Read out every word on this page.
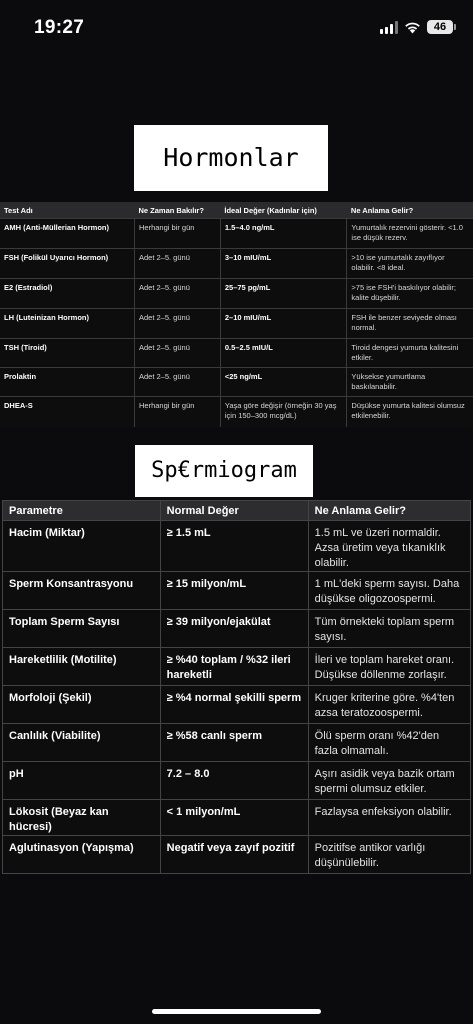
19:27	46
Hormonlar
Test Adı	Ne Zaman Bakılır?	İdeal Değer (Kadınlar için)	Ne Anlama Gelir?
AMH (Anti-Müllerian Hormon)	Herhangi bir gün	1.5–4.0 ng/mL	Yumurtalık rezervini gösterir. <1.0 ise düşük rezerv.
FSH (Folikül Uyarıcı Hormon)	Adet 2–5. günü	3–10 mIU/mL	>10 ise yumurtalık zayıflıyor olabilir. <8 ideal.
E2 (Estradiol)	Adet 2–5. günü	25–75 pg/mL	>75 ise FSH'i baskılıyor olabilir; kalite düşebilir.
LH (Luteinizan Hormon)	Adet 2–5. günü	2–10 mIU/mL	FSH ile benzer seviyede olması normal.
TSH (Tiroid)	Adet 2–5. günü	0.5–2.5 mIU/L	Tiroid dengesi yumurta kalitesini etkiler.
Prolaktin	Adet 2–5. günü	<25 ng/mL	Yüksekse yumurtlama baskılanabilir.
DHEA-S	Herhangi bir gün	Yaşa göre değişir (örneğin 30 yaş için 150–300 mcg/dL)	Düşükse yumurta kalitesi olumsuz etkilenebilir.
Sp€rmiogram
Parametre	Normal Değer	Ne Anlama Gelir?
Hacim (Miktar)	≥ 1.5 mL	1.5 mL ve üzeri normaldir. Azsa üretim veya tıkanıklık olabilir.
Sperm Konsantrasyonu	≥ 15 milyon/mL	1 mL'deki sperm sayısı. Daha düşükse oligozoospermi.
Toplam Sperm Sayısı	≥ 39 milyon/ejakülat	Tüm örnekteki toplam sperm sayısı.
Hareketlilik (Motilite)	≥ %40 toplam / %32 ileri hareketli	İleri ve toplam hareket oranı. Düşükse döllenme zorlaşır.
Morfoloji (Şekil)	≥ %4 normal şekilli sperm	Kruger kriterine göre. %4'ten azsa teratozoospermi.
Canlılık (Viabilite)	≥ %58 canlı sperm	Ölü sperm oranı %42'den fazla olmamalı.
pH	7.2 – 8.0	Aşırı asidik veya bazik ortam spermi olumsuz etkiler.
Lökosit (Beyaz kan hücresi)	< 1 milyon/mL	Fazlaysa enfeksiyon olabilir.
Aglutinasyon (Yapışma)	Negatif veya zayıf pozitif	Pozitifse antikor varlığı düşünülebilir.
